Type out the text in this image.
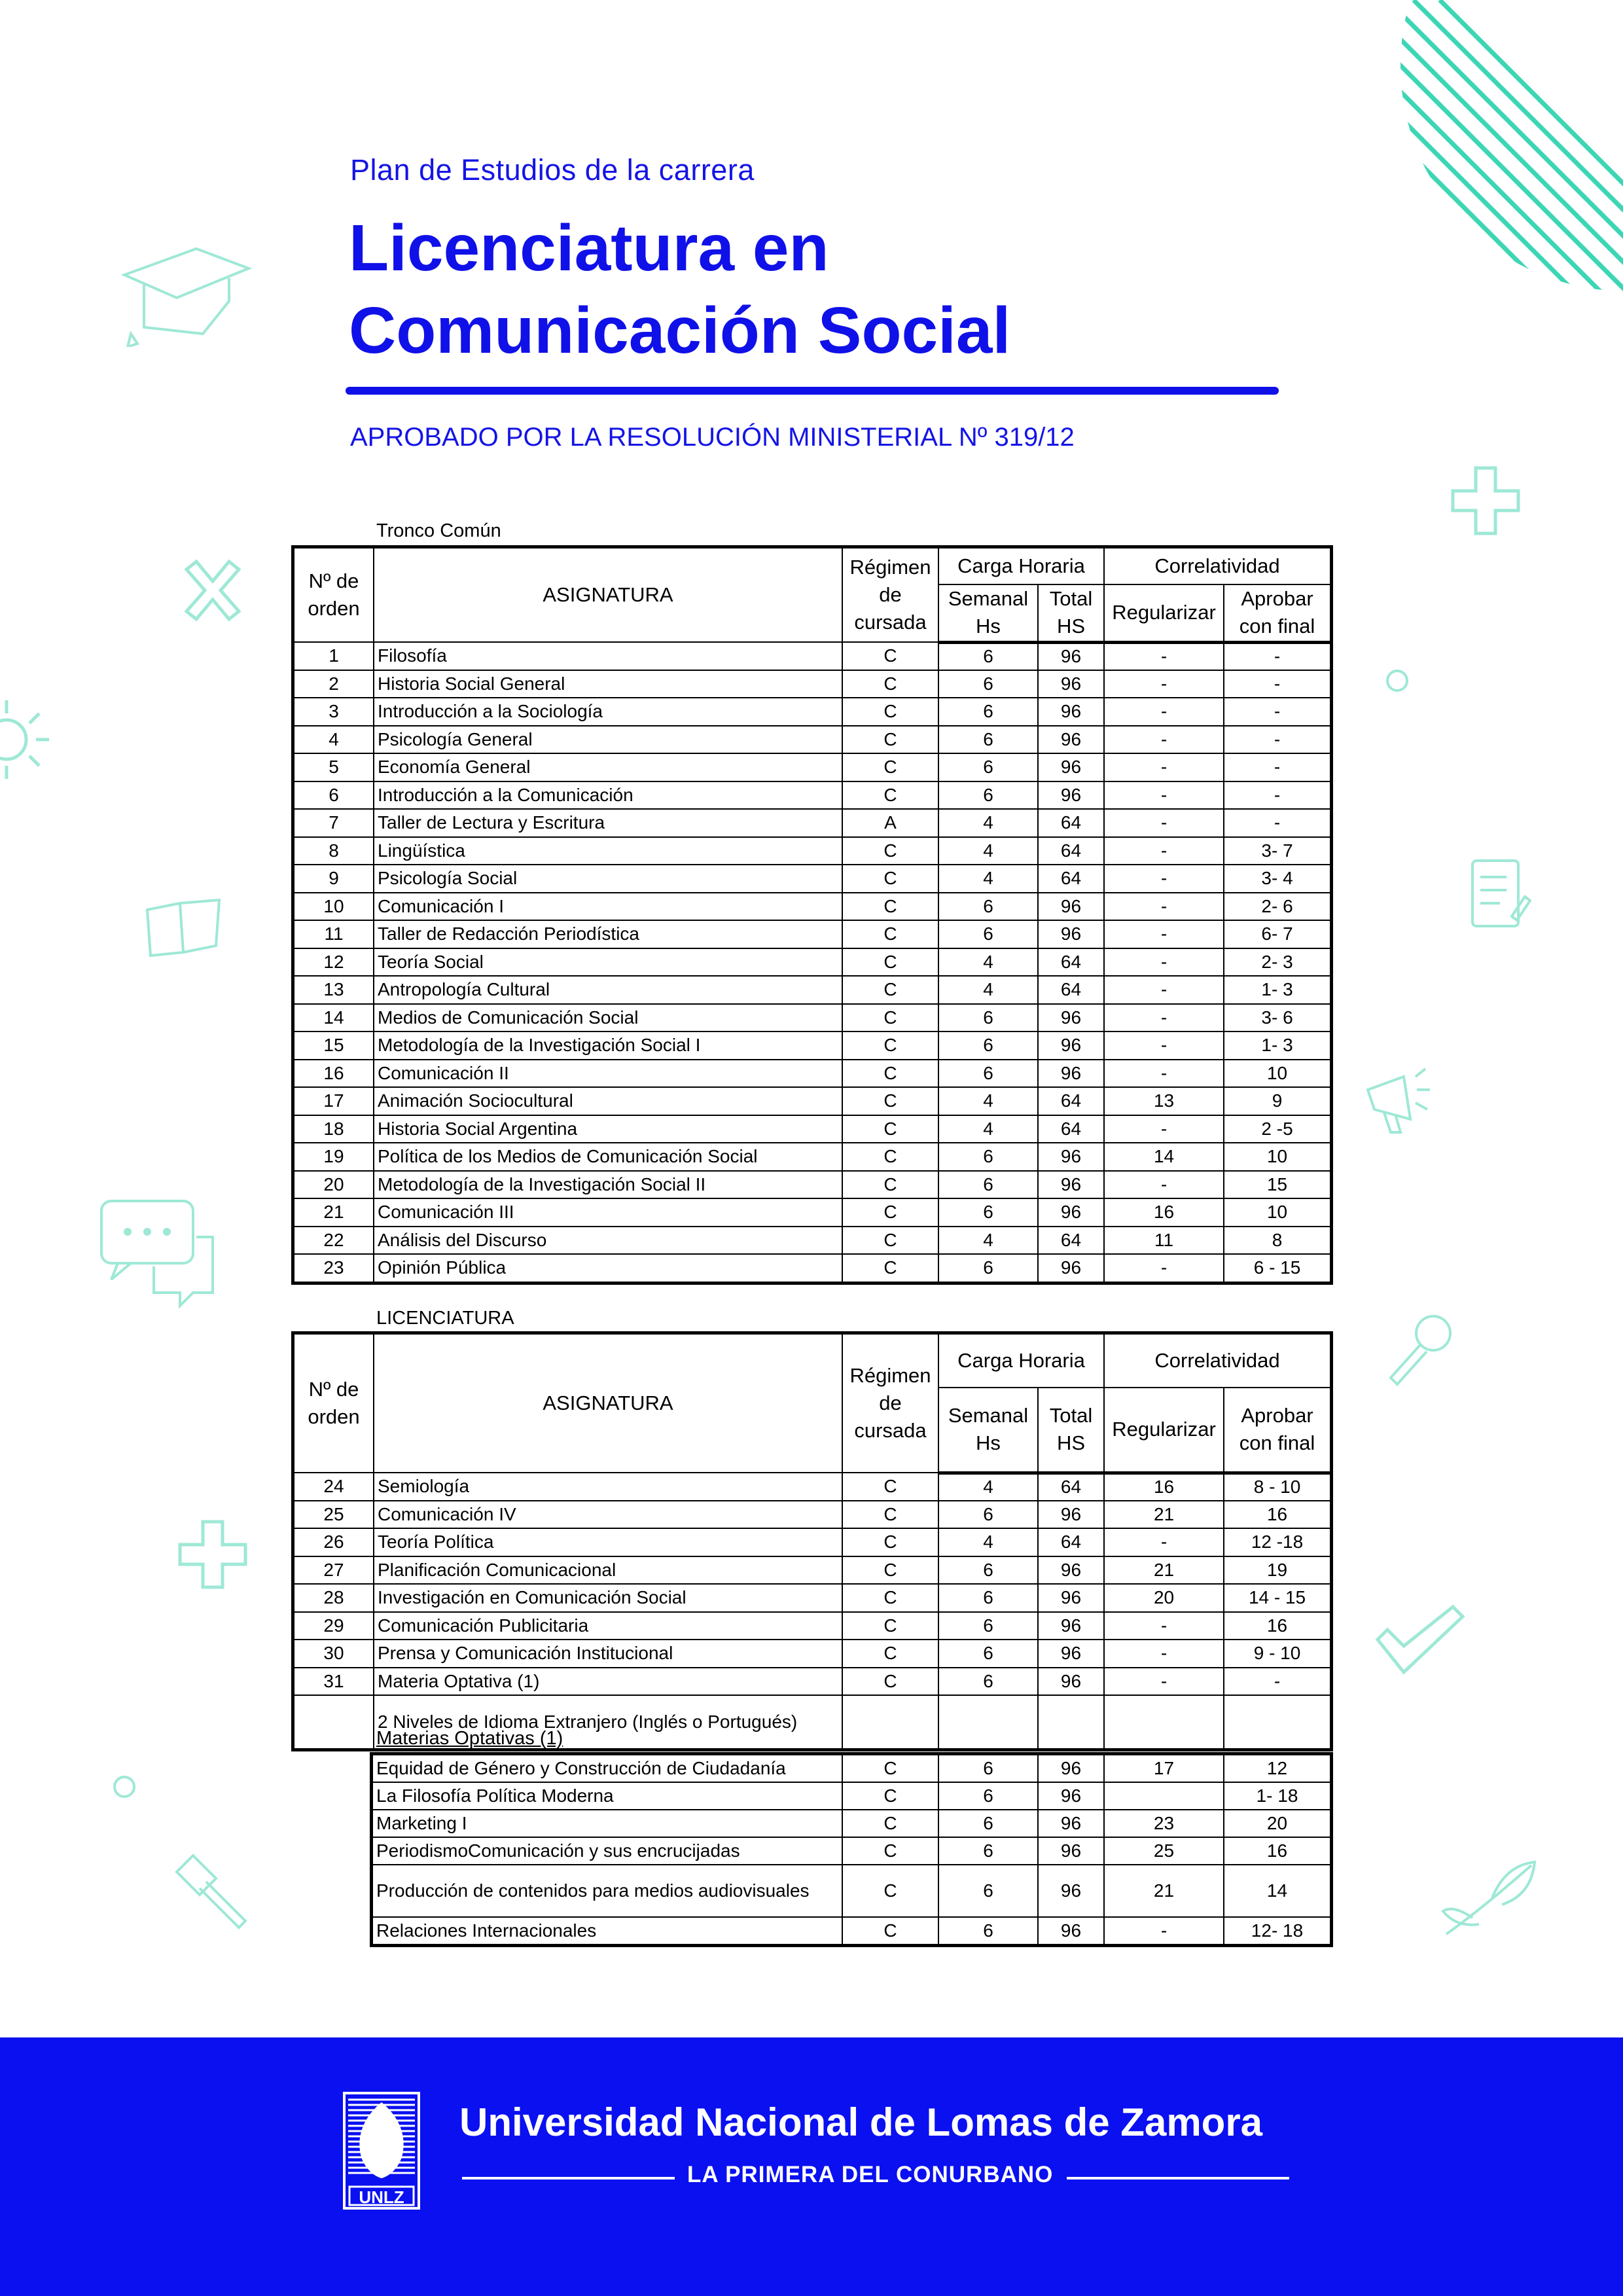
Plan de Estudios de la carrera
Licenciatura en
Comunicación Social
APROBADO POR LA RESOLUCIÓN MINISTERIAL Nº 319/12
Tronco Común
Nº de orden	ASIGNATURA	Régimen de cursada	Carga Horaria		Correlatividad	
			Semanal Hs	Total HS	Regularizar	Aprobar con final
1	Filosofía	C	6	96	-	-
2	Historia Social General	C	6	96	-	-
3	Introducción a la Sociología	C	6	96	-	-
4	Psicología General	C	6	96	-	-
5	Economía General	C	6	96	-	-
6	Introducción a la Comunicación	C	6	96	-	-
7	Taller de Lectura y Escritura	A	4	64	-	-
8	Lingüística	C	4	64	-	3- 7
9	Psicología Social	C	4	64	-	3- 4
10	Comunicación I	C	6	96	-	2- 6
11	Taller de Redacción Periodística	C	6	96	-	6- 7
12	Teoría Social	C	4	64	-	2- 3
13	Antropología Cultural	C	4	64	-	1- 3
14	Medios de Comunicación Social	C	6	96	-	3- 6
15	Metodología de la Investigación Social I	C	6	96	-	1- 3
16	Comunicación II	C	6	96	-	10
17	Animación Sociocultural	C	4	64	13	9
18	Historia Social Argentina	C	4	64	-	2 -5
19	Política de los Medios de Comunicación Social	C	6	96	14	10
20	Metodología de la Investigación Social II	C	6	96	-	15
21	Comunicación III	C	6	96	16	10
22	Análisis del Discurso	C	4	64	11	8
23	Opinión Pública	C	6	96	-	6 - 15
LICENCIATURA
Nº de orden	ASIGNATURA	Régimen de cursada	Carga Horaria		Correlatividad	
			Semanal Hs	Total HS	Regularizar	Aprobar con final
24	Semiología	C	4	64	16	8 - 10
25	Comunicación IV	C	6	96	21	16
26	Teoría Política	C	4	64	-	12 -18
27	Planificación Comunicacional	C	6	96	21	19
28	Investigación en Comunicación Social	C	6	96	20	14 - 15
29	Comunicación Publicitaria	C	6	96	-	16
30	Prensa y Comunicación Institucional	C	6	96	-	9 - 10
31	Materia Optativa (1)	C	6	96	-	-
	2 Niveles de Idioma Extranjero (Inglés o Portugués)					
Materias Optativas (1)
Equidad de Género y Construcción de Ciudadanía	C	6	96	17	12
La Filosofía Política Moderna	C	6	96		1- 18
Marketing I	C	6	96	23	20
PeriodismoComunicación y sus encrucijadas	C	6	96	25	16
Producción de contenidos para medios audiovisuales	C	6	96	21	14
Relaciones Internacionales	C	6	96	-	12- 18
UNLZ
Universidad Nacional de Lomas de Zamora
LA PRIMERA DEL CONURBANO
